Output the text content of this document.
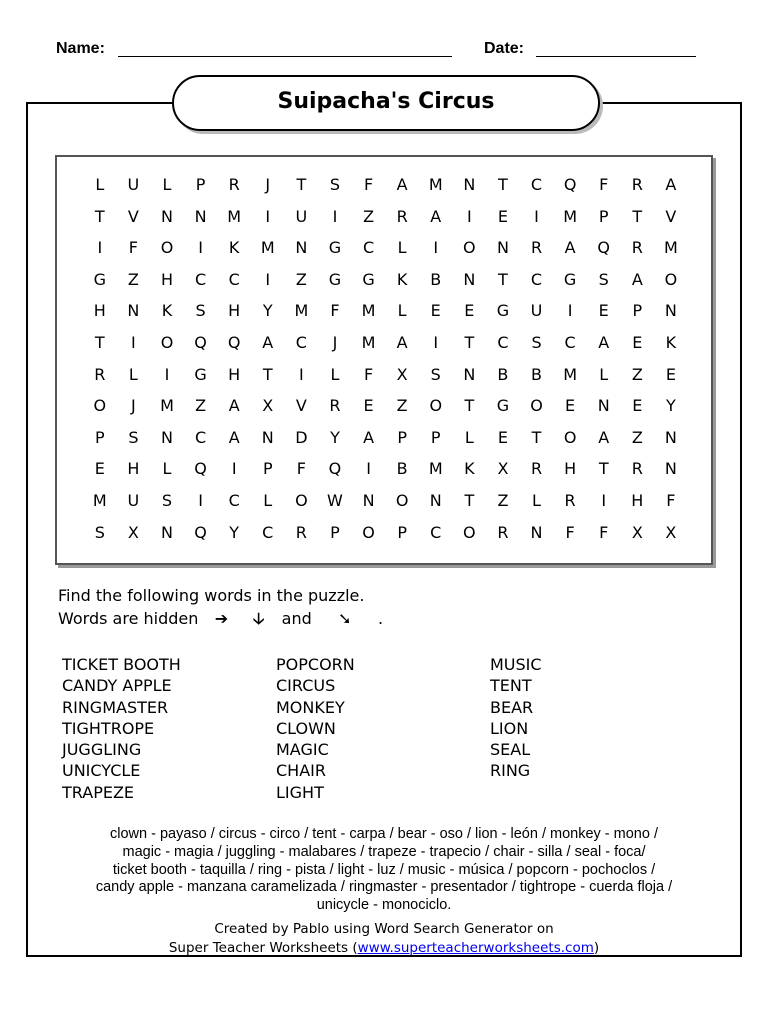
Name:	Date:
Suipacha's Circus
L	U	L	P	R	J	T	S	F	A	M	N	T	C	Q	F	R	A
T	V	N	N	M	I	U	I	Z	R	A	I	E	I	M	P	T	V
I	F	O	I	K	M	N	G	C	L	I	O	N	R	A	Q	R	M
G	Z	H	C	C	I	Z	G	G	K	B	N	T	C	G	S	A	O
H	N	K	S	H	Y	M	F	M	L	E	E	G	U	I	E	P	N
T	I	O	Q	Q	A	C	J	M	A	I	T	C	S	C	A	E	K
R	L	I	G	H	T	I	L	F	X	S	N	B	B	M	L	Z	E
O	J	M	Z	A	X	V	R	E	Z	O	T	G	O	E	N	E	Y
P	S	N	C	A	N	D	Y	A	P	P	L	E	T	O	A	Z	N
E	H	L	Q	I	P	F	Q	I	B	M	K	X	R	H	T	R	N
M	U	S	I	C	L	O	W	N	O	N	T	Z	L	R	I	H	F
S	X	N	Q	Y	C	R	P	O	P	C	O	R	N	F	F	X	X
Find the following words in the puzzle.
Words are hidden ➔ 🡣 and ➘ .
TICKET BOOTH
CANDY APPLE
RINGMASTER
TIGHTROPE
JUGGLING
UNICYCLE
TRAPEZE
POPCORN
CIRCUS
MONKEY
CLOWN
MAGIC
CHAIR
LIGHT
MUSIC
TENT
BEAR
LION
SEAL
RING
clown - payaso / circus - circo / tent - carpa / bear - oso / lion - león / monkey - mono /
magic - magia / juggling - malabares / trapeze - trapecio / chair - silla / seal - foca/
ticket booth - taquilla / ring - pista / light - luz / music - música / popcorn - pochoclos /
candy apple - manzana caramelizada / ringmaster - presentador / tightrope - cuerda floja /
unicycle - monociclo.
Created by Pablo using Word Search Generator on
Super Teacher Worksheets (www.superteacherworksheets.com)
